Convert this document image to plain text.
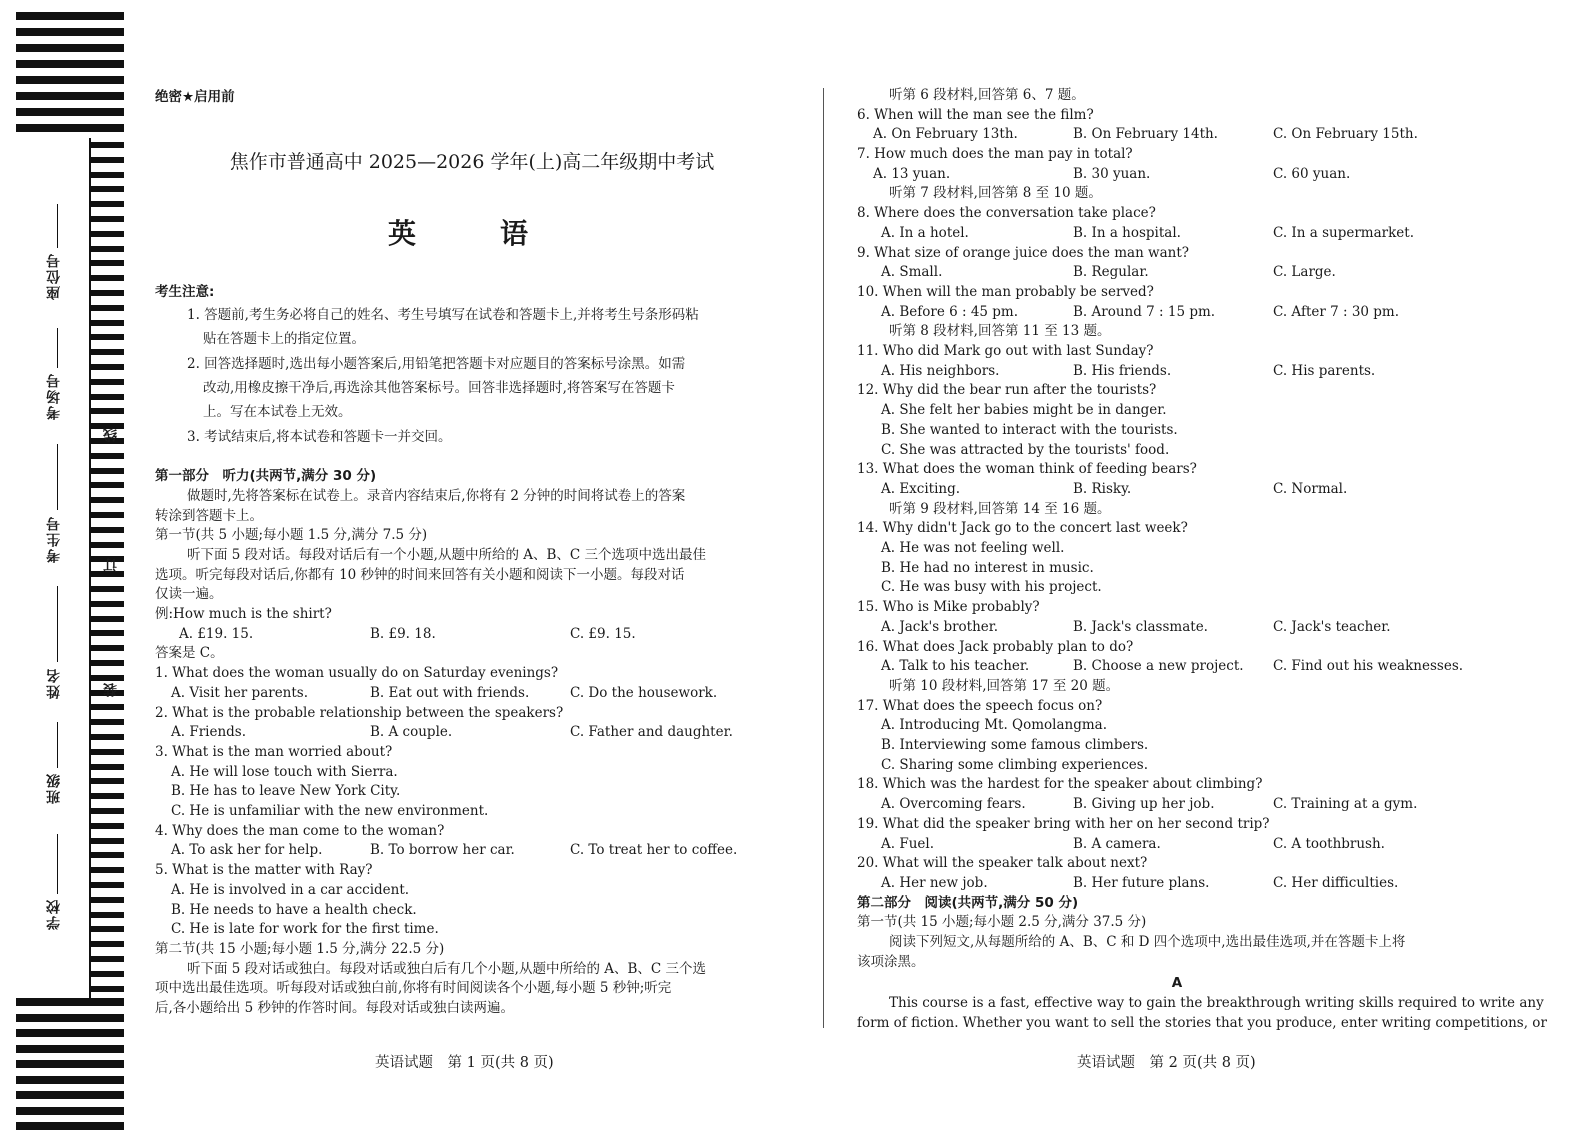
座位号
考场号
考生号
姓名
班级
学校
线
订
装
绝密★启用前
焦作市普通高中 2025—2026 学年(上)高二年级期中考试
英　语
考生注意:
1. 答题前,考生务必将自己的姓名、考生号填写在试卷和答题卡上,并将考生号条形码粘
贴在答题卡上的指定位置。
2. 回答选择题时,选出每小题答案后,用铅笔把答题卡对应题目的答案标号涂黑。如需
改动,用橡皮擦干净后,再选涂其他答案标号。回答非选择题时,将答案写在答题卡
上。写在本试卷上无效。
3. 考试结束后,将本试卷和答题卡一并交回。
第一部分　听力(共两节,满分 30 分)
做题时,先将答案标在试卷上。录音内容结束后,你将有 2 分钟的时间将试卷上的答案
转涂到答题卡上。
第一节(共 5 小题;每小题 1.5 分,满分 7.5 分)
听下面 5 段对话。每段对话后有一个小题,从题中所给的 A、B、C 三个选项中选出最佳
选项。听完每段对话后,你都有 10 秒钟的时间来回答有关小题和阅读下一小题。每段对话
仅读一遍。
例:How much is the shirt?
A. £19. 15.	B. £9. 18.	C. £9. 15.
答案是 C。
1. What does the woman usually do on Saturday evenings?
A. Visit her parents.	B. Eat out with friends.	C. Do the housework.
2. What is the probable relationship between the speakers?
A. Friends.	B. A couple.	C. Father and daughter.
3. What is the man worried about?
A. He will lose touch with Sierra.
B. He has to leave New York City.
C. He is unfamiliar with the new environment.
4. Why does the man come to the woman?
A. To ask her for help.	B. To borrow her car.	C. To treat her to coffee.
5. What is the matter with Ray?
A. He is involved in a car accident.
B. He needs to have a health check.
C. He is late for work for the first time.
第二节(共 15 小题;每小题 1.5 分,满分 22.5 分)
听下面 5 段对话或独白。每段对话或独白后有几个小题,从题中所给的 A、B、C 三个选
项中选出最佳选项。听每段对话或独白前,你将有时间阅读各个小题,每小题 5 秒钟;听完
后,各小题给出 5 秒钟的作答时间。每段对话或独白读两遍。
听第 6 段材料,回答第 6、7 题。
6. When will the man see the film?
A. On February 13th.	B. On February 14th.	C. On February 15th.
7. How much does the man pay in total?
A. 13 yuan.	B. 30 yuan.	C. 60 yuan.
听第 7 段材料,回答第 8 至 10 题。
8. Where does the conversation take place?
A. In a hotel.	B. In a hospital.	C. In a supermarket.
9. What size of orange juice does the man want?
A. Small.	B. Regular.	C. Large.
10. When will the man probably be served?
A. Before 6 : 45 pm.	B. Around 7 : 15 pm.	C. After 7 : 30 pm.
听第 8 段材料,回答第 11 至 13 题。
11. Who did Mark go out with last Sunday?
A. His neighbors.	B. His friends.	C. His parents.
12. Why did the bear run after the tourists?
A. She felt her babies might be in danger.
B. She wanted to interact with the tourists.
C. She was attracted by the tourists' food.
13. What does the woman think of feeding bears?
A. Exciting.	B. Risky.	C. Normal.
听第 9 段材料,回答第 14 至 16 题。
14. Why didn't Jack go to the concert last week?
A. He was not feeling well.
B. He had no interest in music.
C. He was busy with his project.
15. Who is Mike probably?
A. Jack's brother.	B. Jack's classmate.	C. Jack's teacher.
16. What does Jack probably plan to do?
A. Talk to his teacher.	B. Choose a new project. C. Find out his weaknesses.
听第 10 段材料,回答第 17 至 20 题。
17. What does the speech focus on?
A. Introducing Mt. Qomolangma.
B. Interviewing some famous climbers.
C. Sharing some climbing experiences.
18. Which was the hardest for the speaker about climbing?
A. Overcoming fears.	B. Giving up her job.	C. Training at a gym.
19. What did the speaker bring with her on her second trip?
A. Fuel.	B. A camera.	C. A toothbrush.
20. What will the speaker talk about next?
A. Her new job.	B. Her future plans.	C. Her difficulties.
第二部分　阅读(共两节,满分 50 分)
第一节(共 15 小题;每小题 2.5 分,满分 37.5 分)
阅读下列短文,从每题所给的 A、B、C 和 D 四个选项中,选出最佳选项,并在答题卡上将
该项涂黑。
A
This course is a fast, effective way to gain the breakthrough writing skills required to write any
form of fiction. Whether you want to sell the stories that you produce, enter writing competitions, or
英语试题　第 1 页(共 8 页)	英语试题　第 2 页(共 8 页)
